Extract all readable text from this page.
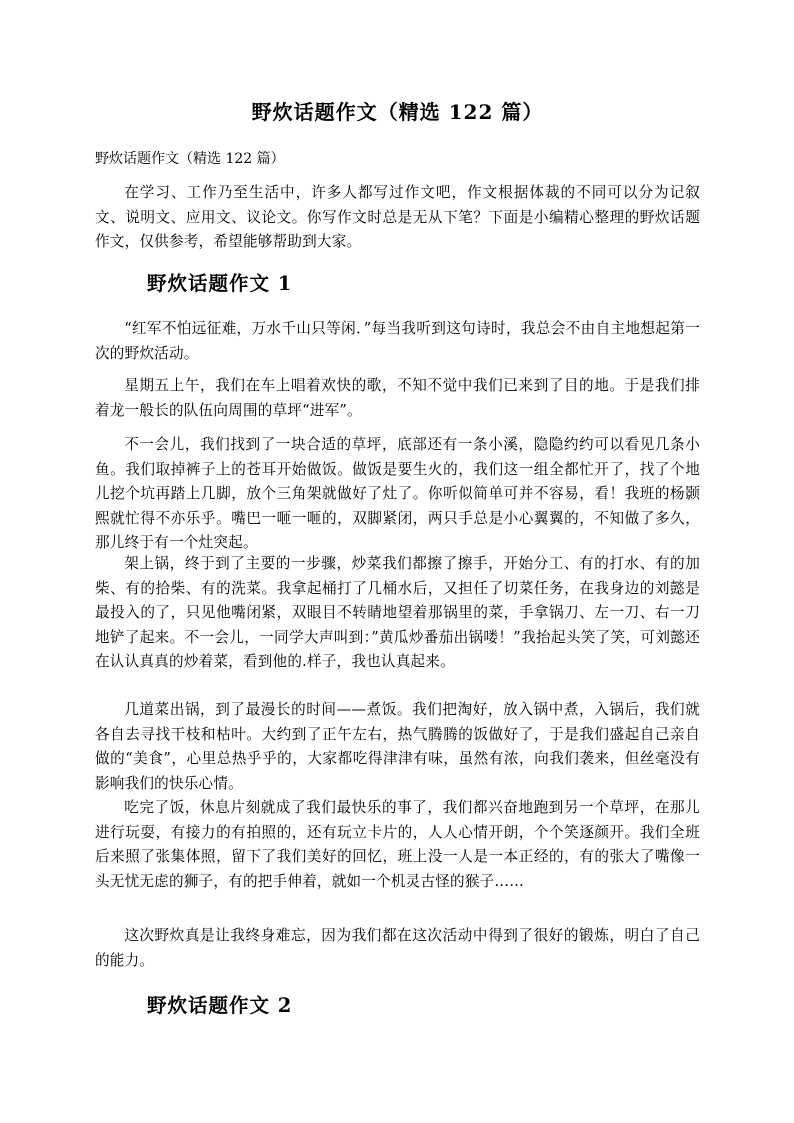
野炊话题作文（精选 122 篇）

野炊话题作文（精选 122 篇）

在学习、工作乃至生活中，许多人都写过作文吧，作文根据体裁的不同可以分为记叙文、说明文、应用文、议论文。你写作文时总是无从下笔？下面是小编精心整理的野炊话题作文，仅供参考，希望能够帮助到大家。

野炊话题作文 1

“红军不怕远征难，万水千山只等闲．”每当我听到这句诗时，我总会不由自主地想起第一次的野炊活动。

星期五上午，我们在车上唱着欢快的歌，不知不觉中我们已来到了目的地。于是我们排着龙一般长的队伍向周围的草坪“进军”。

不一会儿，我们找到了一块合适的草坪，底部还有一条小溪，隐隐约约可以看见几条小鱼。我们取掉裤子上的苍耳开始做饭。做饭是要生火的，我们这一组全都忙开了，找了个地儿挖个坑再踏上几脚，放个三角架就做好了灶了。你听似简单可并不容易，看！我班的杨颢熙就忙得不亦乐乎。嘴巴一咂一咂的，双脚紧闭，两只手总是小心翼翼的，不知做了多久，那儿终于有一个灶突起。

架上锅，终于到了主要的一步骤，炒菜我们都擦了擦手，开始分工、有的打水、有的加柴、有的拾柴、有的洗菜。我拿起桶打了几桶水后，又担任了切菜任务，在我身边的刘懿是最投入的了，只见他嘴闭紧，双眼目不转睛地望着那锅里的菜，手拿锅刀、左一刀、右一刀地铲了起来。不一会儿，一同学大声叫到：”黄瓜炒番茄出锅喽！”我抬起头笑了笑，可刘懿还在认认真真的炒着菜，看到他的.样子，我也认真起来。

几道菜出锅，到了最漫长的时间——煮饭。我们把淘好，放入锅中煮，入锅后，我们就各自去寻找干枝和枯叶。大约到了正午左右，热气腾腾的饭做好了，于是我们盛起自己亲自做的“美食”，心里总热乎乎的，大家都吃得津津有味，虽然有浓，向我们袭来，但丝毫没有影响我们的快乐心情。

吃完了饭，休息片刻就成了我们最快乐的事了，我们都兴奋地跑到另一个草坪，在那儿进行玩耍，有接力的有拍照的，还有玩立卡片的，人人心情开朗，个个笑逐颜开。我们全班后来照了张集体照，留下了我们美好的回忆，班上没一人是一本正经的，有的张大了嘴像一头无忧无虑的狮子，有的把手伸着，就如一个机灵古怪的猴子……

这次野炊真是让我终身难忘，因为我们都在这次活动中得到了很好的锻炼，明白了自己的能力。

野炊话题作文 2
